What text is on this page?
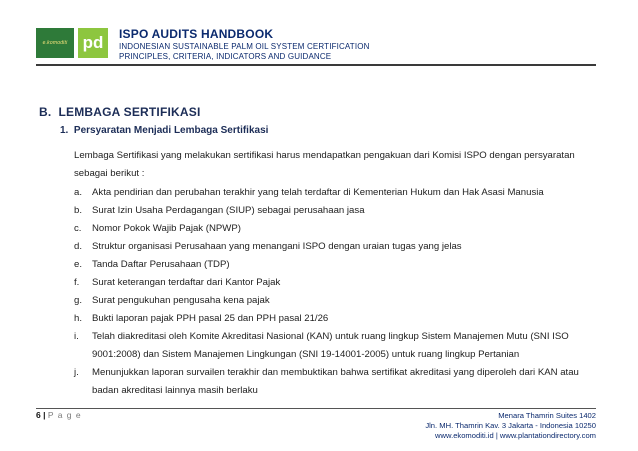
e.komoditi pd ISPO AUDITS HANDBOOK
INDONESIAN SUSTAINABLE PALM OIL SYSTEM CERTIFICATION
PRINCIPLES, CRITERIA, INDICATORS AND GUIDANCE
B.  LEMBAGA SERTIFIKASI
1.  Persyaratan Menjadi Lembaga Sertifikasi
Lembaga Sertifikasi yang melakukan sertifikasi harus mendapatkan pengakuan dari Komisi ISPO dengan persyaratan sebagai berikut :
a. Akta pendirian dan perubahan terakhir yang telah terdaftar di Kementerian Hukum dan Hak Asasi Manusia
b. Surat Izin Usaha Perdagangan (SIUP) sebagai perusahaan jasa
c. Nomor Pokok Wajib Pajak (NPWP)
d. Struktur organisasi Perusahaan yang menangani ISPO dengan uraian tugas yang jelas
e. Tanda Daftar Perusahaan (TDP)
f. Surat keterangan terdaftar dari Kantor Pajak
g. Surat pengukuhan pengusaha kena pajak
h. Bukti laporan pajak PPH pasal 25 dan PPH pasal 21/26
i. Telah diakreditasi oleh Komite Akreditasi Nasional (KAN) untuk ruang lingkup Sistem Manajemen Mutu (SNI ISO 9001:2008) dan Sistem Manajemen Lingkungan (SNI 19-14001-2005) untuk ruang lingkup Pertanian
j. Menunjukkan laporan survailen terakhir dan membuktikan bahwa sertifikat akreditasi yang diperoleh dari KAN atau badan akreditasi lainnya masih berlaku
6 | P a g e	Menara Thamrin Suites 1402
Jln. MH. Thamrin Kav. 3 Jakarta - Indonesia 10250
www.ekomoditi.id | www.plantationdirectory.com
